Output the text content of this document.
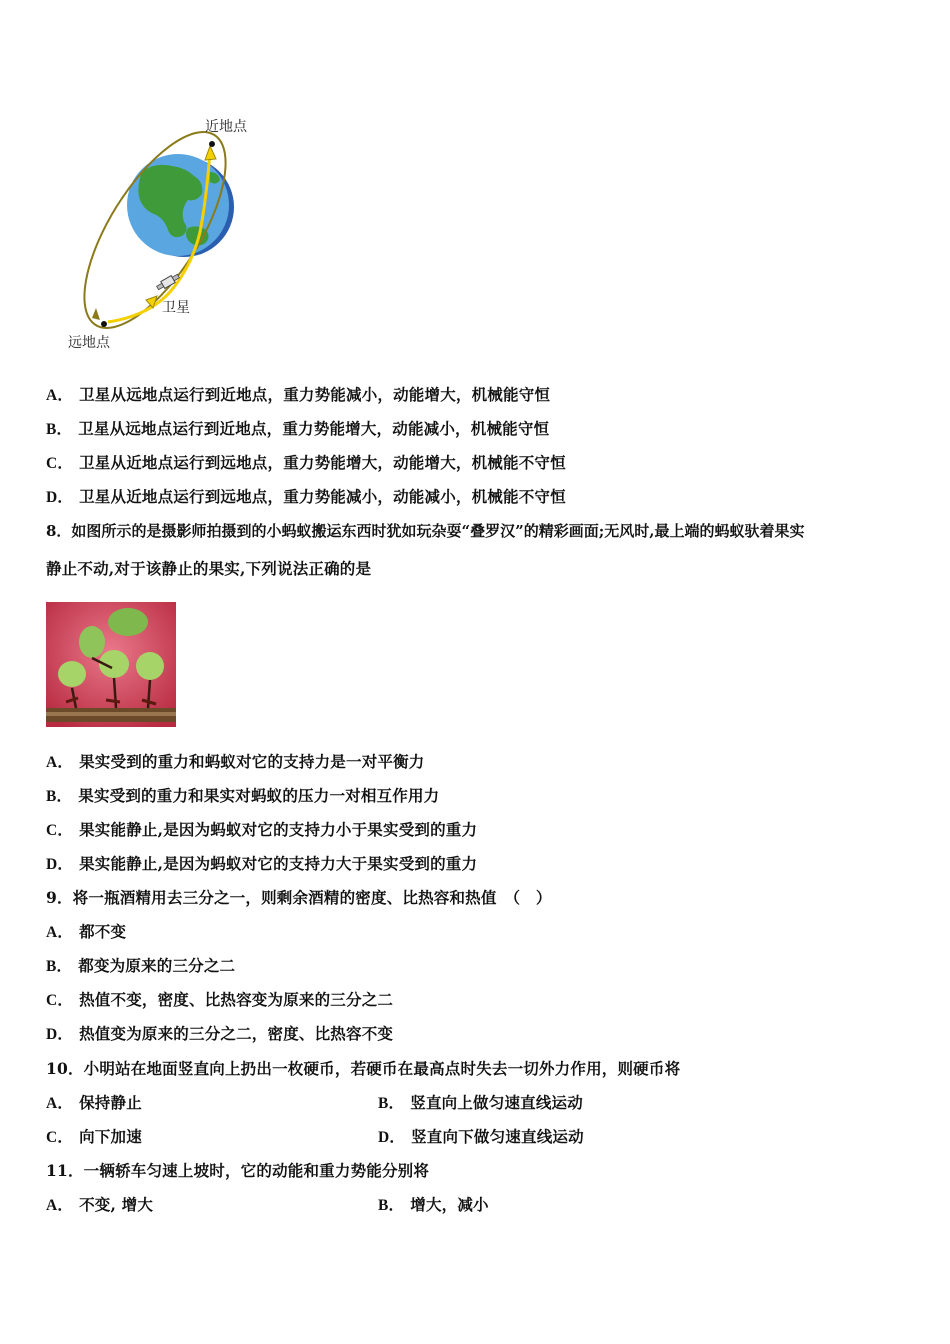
近地点
卫星
远地点
A． 卫星从远地点运行到近地点，重力势能减小，动能增大，机械能守恒
B． 卫星从远地点运行到近地点，重力势能增大，动能减小，机械能守恒
C． 卫星从近地点运行到远地点，重力势能增大，动能增大，机械能不守恒
D． 卫星从近地点运行到远地点，重力势能减小，动能减小，机械能不守恒
8．如图所示的是摄影师拍摄到的小蚂蚁搬运东西时犹如玩杂耍“叠罗汉”的精彩画面;无风时,最上端的蚂蚁驮着果实
静止不动,对于该静止的果实,下列说法正确的是
A． 果实受到的重力和蚂蚁对它的支持力是一对平衡力
B． 果实受到的重力和果实对蚂蚁的压力一对相互作用力
C． 果实能静止,是因为蚂蚁对它的支持力小于果实受到的重力
D． 果实能静止,是因为蚂蚁对它的支持力大于果实受到的重力
9．将一瓶酒精用去三分之一，则剩余酒精的密度、比热容和热值　（　）
A． 都不变
B． 都变为原来的三分之二
C． 热值不变，密度、比热容变为原来的三分之二
D． 热值变为原来的三分之二，密度、比热容不变
10．小明站在地面竖直向上扔出一枚硬币，若硬币在最高点时失去一切外力作用，则硬币将
A． 保持静止	B． 竖直向上做匀速直线运动
C． 向下加速	D． 竖直向下做匀速直线运动
11．一辆轿车匀速上坡时，它的动能和重力势能分别将
A． 不变, 增大	B． 增大，减小
